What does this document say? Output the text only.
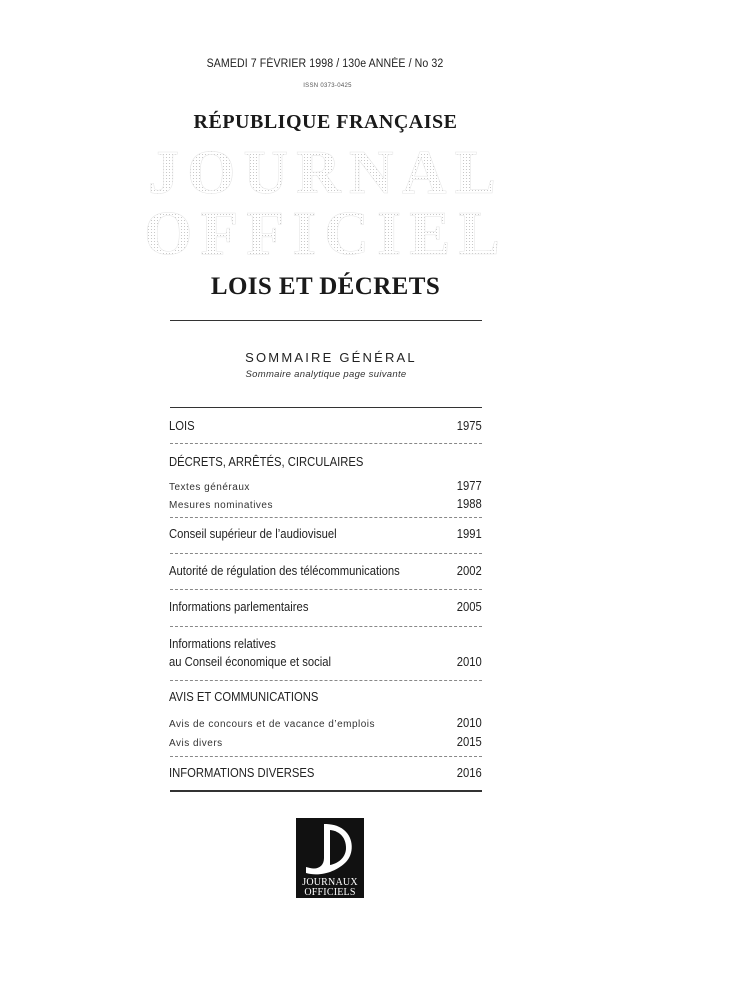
SAMEDI 7 FÉVRIER 1998 / 130e ANNÉE / No 32
ISSN 0373-0425
RÉPUBLIQUE FRANÇAISE
JOURNAL
OFFICIEL
LOIS ET DÉCRETS
SOMMAIRE GÉNÉRAL
Sommaire analytique page suivante
LOIS	1975
DÉCRETS, ARRÊTÉS, CIRCULAIRES
Textes généraux	1977
Mesures nominatives	1988
Conseil supérieur de l’audiovisuel	1991
Autorité de régulation des télécommunications	2002
Informations parlementaires	2005
Informations relatives
au Conseil économique et social	2010
AVIS ET COMMUNICATIONS
Avis de concours et de vacance d’emplois	2010
Avis divers	2015
INFORMATIONS DIVERSES	2016
JOURNAUX
OFFICIELS
